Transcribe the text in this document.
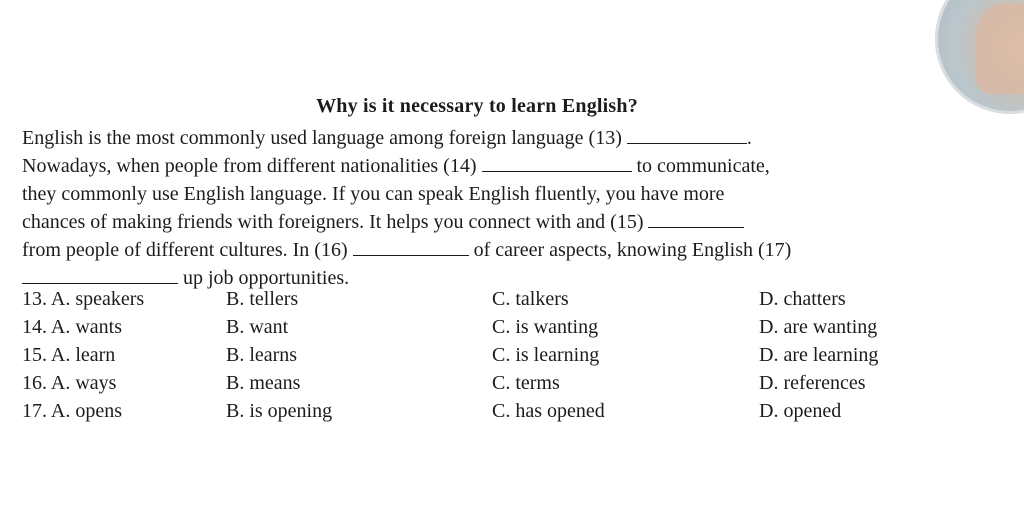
Why is it necessary to learn English?
English is the most commonly used language among foreign language (13)	.
Nowadays, when people from different nationalities (14)	to communicate,
they commonly use English language. If you can speak English fluently, you have more
chances of making friends with foreigners. It helps you connect with and (15)
from people of different cultures. In (16)	of career aspects, knowing English (17)
up job opportunities.
13. A. speakers	B. tellers	C. talkers	D. chatters
14. A. wants	B. want	C. is wanting	D. are wanting
15. A. learn	B. learns	C. is learning	D. are learning
16. A. ways	B. means	C. terms	D. references
17. A. opens	B. is opening	C. has opened	D. opened
